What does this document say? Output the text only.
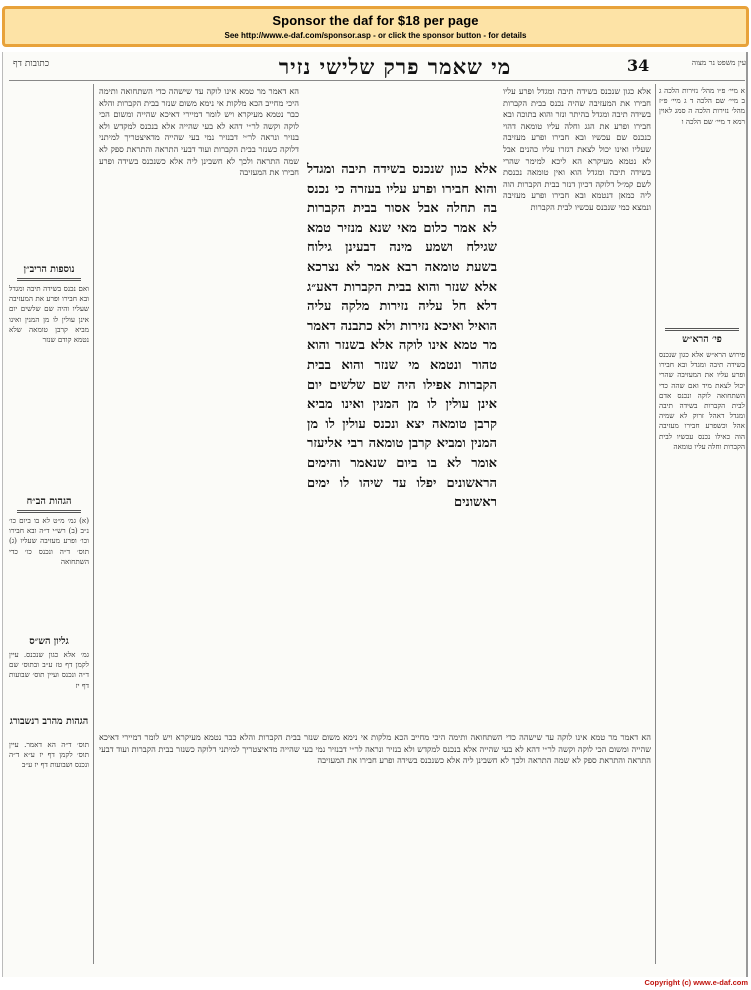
Sponsor the daf for $18 per page
See http://www.e-daf.com/sponsor.asp - or click the sponsor button - for details
כתובות דף	מי שאמר פרק שלישי נזיר	34	עין משפט נר מצוה
נוספות הריב״ן
ואם נכנס בשידה תיבה ומגדל ובא חבירו ופרע את המעזיבה שעליו והיה שם שלשים יום אינן עולין לו מן המנין ואינו מביא קרבן טומאה שלא נטמא קודם שנזר
הגהות הב״ח
(א) גמ׳ מ״ט לא בו ביום כו׳ נ״ב (ב) רש״י ד״ה ובא חבירו וכו׳ ופרע מעזיבה שעליו (ג) תוס׳ ד״ה ונכנס כו׳ כדי השתחואה
גליון הש״ס
גמ׳ אלא כגון שנכנס. עיין לקמן דף טז ע״ב ובתוס׳ שם ד״ה ונכנס ועיין תוס׳ שבועות דף יז
הגהות מהרב רנשבורג
תוס׳ ד״ה הא דאמר. עיין תוס׳ לקמן דף יז ע״א ד״ה ונכנס ושבועות דף יז ע״ב
הא דאמר מר טמא אינו לוקה עד שישהה כדי השתחואה ותימה היכי מחייב הכא מלקות אי נימא משום שנזר בבית הקברות והלא כבר נטמא מעיקרא ויש לומר דמיירי דאיכא שהייה ומשום הכי לוקה וקשה לר״י דהא לא בעי שהייה אלא בנכנס למקדש ולא בנזיר ונראה לר״י דבנזיר נמי בעי שהייה מדאיצטריך למיתני דלוקה כשנזר בבית הקברות ועוד דבעי התראה והתראת ספק לא שמה התראה ולכך לא חשבינן ליה אלא כשנכנס בשידה ופרע חבירו את המעזיבה אלא כגון שנכנס בשידה תיבה ומגדל והוא חבירו ופרע עליו בעזרה כי נכנס בה תחלה אבל אסור בבית הקברות לא אמר כלום מאי שנא מנזיר טמא שגילח ושמע מינה דבעינן גילוח בשעת טומאה רבא אמר לא נצרכא אלא שנזר והוא בבית הקברות דאע״ג דלא חל עליה נזירות מלקה עליה הואיל ואיכא נזירות ולא כתבנה דאמר מר טמא אינו לוקה אלא בשנזר והוא טהור ונטמא מי שנזר והוא בבית הקברות אפילו היה שם שלשים יום אינן עולין לו מן המנין ואינו מביא קרבן טומאה יצא ונכנס עולין לו מן המנין ומביא קרבן טומאה רבי אליעזר אומר לא בו ביום שנאמר והימים הראשונים יפלו עד שיהו לו ימים ראשונים
אלא כגון שנכנס בשידה תיבה ומגדל ופרע עליו חבירו את המעזיבה שהיה נכנס בבית הקברות בשידה תיבה ומגדל בהיתר ונזר והוא בתוכה ובא חבירו ופרע את הגג וחלה עליו טומאה דהוי כנכנס שם עכשיו ובא חבירו ופרע מעזיבה שעליו ואינו יכול לצאת דגזרו עליו כהנים אבל לא נטמא מעיקרא הא ליכא למימר שהרי בשידה תיבה ומגדל הוא ואין טומאה נכנסת לשם קמ״ל דלוקה דכיון דנזר בבית הקברות הוה ליה כמאן דנטמא ובא חבירו ופרע מעזיבה ונמצא כמי שנכנס עכשיו לבית הקברות
הא דאמר מר טמא אינו לוקה עד שישהה כדי השתחואה ותימה היכי מחייב הכא מלקות אי נימא משום שנזר בבית הקברות והלא כבר נטמא מעיקרא ויש לומר דמיירי דאיכא שהייה ומשום הכי לוקה וקשה לר״י דהא לא בעי שהייה אלא בנכנס למקדש ולא בנזיר ונראה לר״י דבנזיר נמי בעי שהייה מדאיצטריך למיתני דלוקה כשנזר בבית הקברות ועוד דבעי התראה והתראת ספק לא שמה התראה ולכך לא חשבינן ליה אלא כשנכנס בשידה ופרע חבירו את המעזיבה
א מיי׳ פ״ו מהל׳ נזירות הלכה ג ב מיי׳ שם הלכה ד ג מיי׳ פ״ז מהל׳ נזירות הלכה ה סמג לאוין רמא ד מיי׳ שם הלכה ו
פי׳ הרא״ש
פירוש הרא״ש אלא כגון שנכנס בשידה תיבה ומגדל ובא חבירו ופרע עליו את המעזיבה שהרי יכול לצאת מיד ואם שהה כדי השתחואה לוקה ונכנס אדם לבית הקברות בשידה תיבה ומגדל דאהל זרוק לא שמיה אהל וכשפרע חבירו מעזיבה הוה כאילו נכנס עכשיו לבית הקברות וחלה עליו טומאה
Copyright (c) www.e-daf.com
